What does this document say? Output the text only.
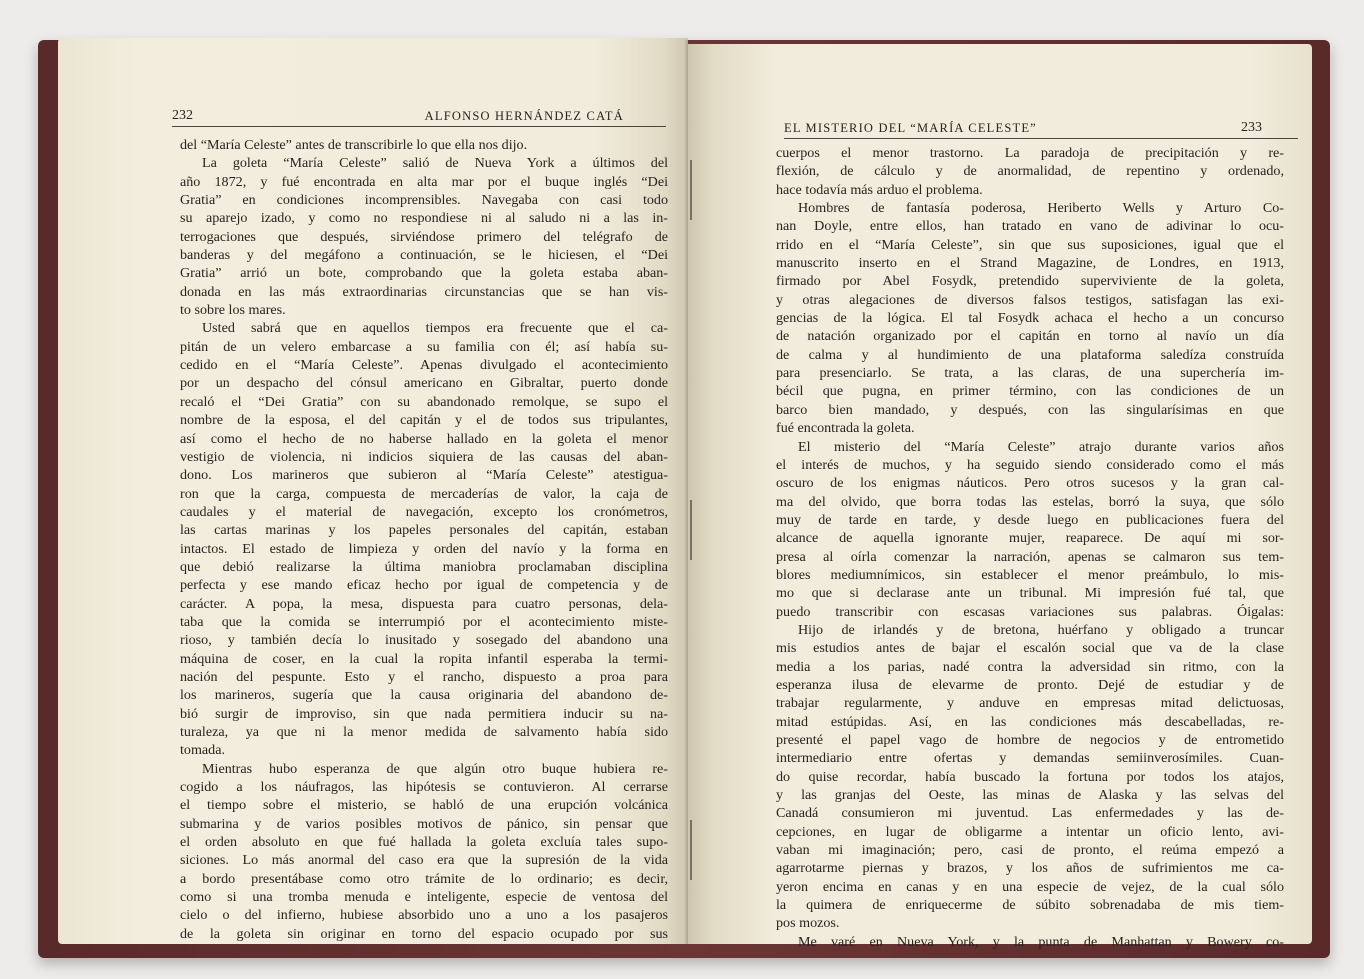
232	ALFONSO HERNÁNDEZ CATÁ
del “María Celeste” antes de transcribirle lo que ella nos dijo.
La goleta “María Celeste” salió de Nueva York a últimos del
año 1872, y fué encontrada en alta mar por el buque inglés “Dei
Gratia” en condiciones incomprensibles. Navegaba con casi todo
su aparejo izado, y como no respondiese ni al saludo ni a las in-
terrogaciones que después, sirviéndose primero del telégrafo de
banderas y del megáfono a continuación, se le hiciesen, el “Dei
Gratia” arrió un bote, comprobando que la goleta estaba aban-
donada en las más extraordinarias circunstancias que se han vis-
to sobre los mares.
Usted sabrá que en aquellos tiempos era frecuente que el ca-
pitán de un velero embarcase a su familia con él; así había su-
cedido en el “María Celeste”. Apenas divulgado el acontecimiento
por un despacho del cónsul americano en Gibraltar, puerto donde
recaló el “Dei Gratia” con su abandonado remolque, se supo el
nombre de la esposa, el del capitán y el de todos sus tripulantes,
así como el hecho de no haberse hallado en la goleta el menor
vestigio de violencia, ni indicios siquiera de las causas del aban-
dono. Los marineros que subieron al “María Celeste” atestigua-
ron que la carga, compuesta de mercaderías de valor, la caja de
caudales y el material de navegación, excepto los cronómetros,
las cartas marinas y los papeles personales del capitán, estaban
intactos. El estado de limpieza y orden del navío y la forma en
que debió realizarse la última maniobra proclamaban disciplina
perfecta y ese mando eficaz hecho por igual de competencia y de
carácter. A popa, la mesa, dispuesta para cuatro personas, dela-
taba que la comida se interrumpió por el acontecimiento miste-
rioso, y también decía lo inusitado y sosegado del abandono una
máquina de coser, en la cual la ropita infantil esperaba la termi-
nación del pespunte. Esto y el rancho, dispuesto a proa para
los marineros, sugería que la causa originaria del abandono de-
bió surgir de improviso, sin que nada permitiera inducir su na-
turaleza, ya que ni la menor medida de salvamento había sido
tomada.
Mientras hubo esperanza de que algún otro buque hubiera re-
cogido a los náufragos, las hipótesis se contuvieron. Al cerrarse
el tiempo sobre el misterio, se habló de una erupción volcánica
submarina y de varios posibles motivos de pánico, sin pensar que
el orden absoluto en que fué hallada la goleta excluía tales supo-
siciones. Lo más anormal del caso era que la supresión de la vida
a bordo presentábase como otro trámite de lo ordinario; es decir,
como si una tromba menuda e inteligente, especie de ventosa del
cielo o del infierno, hubiese absorbido uno a uno a los pasajeros
de la goleta sin originar en torno del espacio ocupado por sus
EL MISTERIO DEL “MARÍA CELESTE”	233
cuerpos el menor trastorno. La paradoja de precipitación y re-
flexión, de cálculo y de anormalidad, de repentino y ordenado,
hace todavía más arduo el problema.
Hombres de fantasía poderosa, Heriberto Wells y Arturo Co-
nan Doyle, entre ellos, han tratado en vano de adivinar lo ocu-
rrido en el “María Celeste”, sin que sus suposiciones, igual que el
manuscrito inserto en el Strand Magazine, de Londres, en 1913,
firmado por Abel Fosydk, pretendido superviviente de la goleta,
y otras alegaciones de diversos falsos testigos, satisfagan las exi-
gencias de la lógica. El tal Fosydk achaca el hecho a un concurso
de natación organizado por el capitán en torno al navío un día
de calma y al hundimiento de una plataforma saledíza construída
para presenciarlo. Se trata, a las claras, de una superchería im-
bécil que pugna, en primer término, con las condiciones de un
barco bien mandado, y después, con las singularísimas en que
fué encontrada la goleta.
El misterio del “María Celeste” atrajo durante varios años
el interés de muchos, y ha seguido siendo considerado como el más
oscuro de los enigmas náuticos. Pero otros sucesos y la gran cal-
ma del olvido, que borra todas las estelas, borró la suya, que sólo
muy de tarde en tarde, y desde luego en publicaciones fuera del
alcance de aquella ignorante mujer, reaparece. De aquí mi sor-
presa al oírla comenzar la narración, apenas se calmaron sus tem-
blores mediumnímicos, sin establecer el menor preámbulo, lo mis-
mo que si declarase ante un tribunal. Mi impresión fué tal, que
puedo transcribir con escasas variaciones sus palabras. Óigalas:
Hijo de irlandés y de bretona, huérfano y obligado a truncar
mis estudios antes de bajar el escalón social que va de la clase
media a los parias, nadé contra la adversidad sin ritmo, con la
esperanza ilusa de elevarme de pronto. Dejé de estudiar y de
trabajar regularmente, y anduve en empresas mitad delictuosas,
mitad estúpidas. Así, en las condiciones más descabelladas, re-
presenté el papel vago de hombre de negocios y de entrometido
intermediario entre ofertas y demandas semiinverosímiles. Cuan-
do quise recordar, había buscado la fortuna por todos los atajos,
y las granjas del Oeste, las minas de Alaska y las selvas del
Canadá consumieron mi juventud. Las enfermedades y las de-
cepciones, en lugar de obligarme a intentar un oficio lento, avi-
vaban mi imaginación; pero, casi de pronto, el reúma empezó a
agarrotarme piernas y brazos, y los años de sufrimientos me ca-
yeron encima en canas y en una especie de vejez, de la cual sólo
la quimera de enriquecerme de súbito sobrenadaba de mis tiem-
pos mozos.
Me varé en Nueva York, y la punta de Manhattan y Bowery co-
